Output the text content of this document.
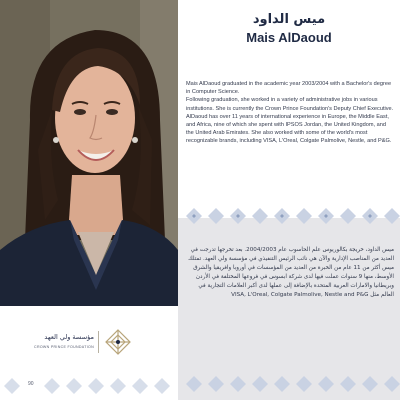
ميس الداود
Mais AlDaoud

Mais AlDaoud graduated in the academic year 2003/2004 with a Bachelor's degree in Computer Science.

Following graduation, she worked in a variety of administrative jobs in various institutions. She is currently the Crown Prince Foundation's Deputy Chief Executive.

AlDaoud has over 11 years of international experience in Europe, the Middle East, and Africa, nine of which she spent with IPSOS Jordan, the United Kingdom, and the United Arab Emirates. She also worked with some of the world's most recognizable brands, including VISA, L'Oreal, Colgate Palmolive, Nestle, and P&G.

ميس الداود، خريجة بكالوريوس علم الحاسوب عام 2004/2003. بعد تخرجها تدرجت في العديد من المناصب الإدارية والآن هي نائب الرئيس التنفيذي في مؤسسة ولي العهد. تمتلك ميس أكثر من 11 عام من الخبرة من العديد من المؤسسات في أوروبا وافريقيا والشرق الأوسط، منها 9 سنوات عملت فيها لدى شركة ابسوس في فروعها المختلفة في الأردن وبريطانيا والامارات العربية المتحدة بالإضافة إلى عملها لدى أكبر العلامات التجارية في العالم مثل VISA, L'Oreal, Colgate Palmolive, Nestle and P&G
مؤسسة ولي العهد
CROWN PRINCE FOUNDATION
90
